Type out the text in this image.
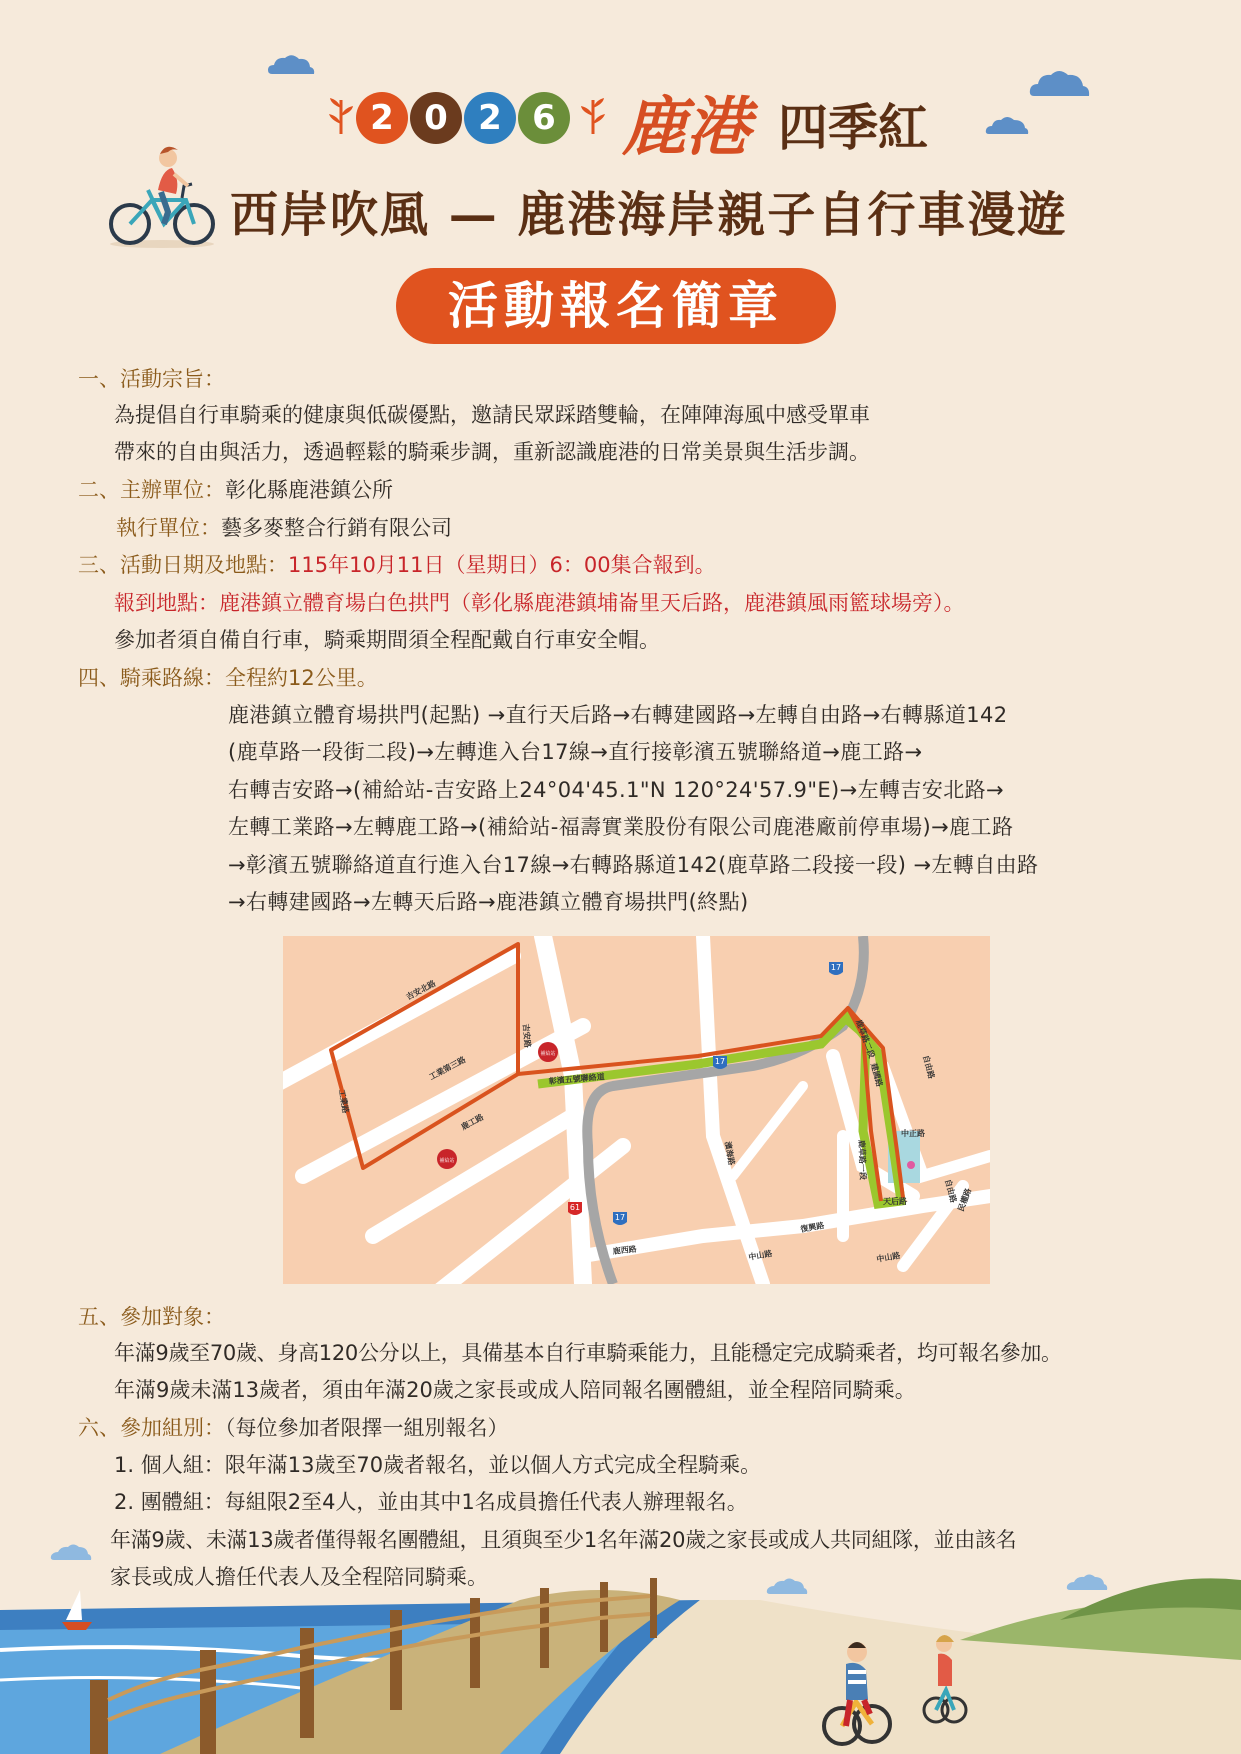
2 0 2 6 鹿港 四季紅
西岸吹風 — 鹿港海岸親子自行車漫遊
活動報名簡章
一、活動宗旨：
為提倡自行車騎乘的健康與低碳優點，邀請民眾踩踏雙輪，在陣陣海風中感受單車
帶來的自由與活力，透過輕鬆的騎乘步調，重新認識鹿港的日常美景與生活步調。
二、主辦單位：彰化縣鹿港鎮公所
執行單位：藝多麥整合行銷有限公司
三、活動日期及地點：115年10月11日（星期日）6：00集合報到。
報到地點：鹿港鎮立體育場白色拱門（彰化縣鹿港鎮埔崙里天后路，鹿港鎮風雨籃球場旁）。
參加者須自備自行車，騎乘期間須全程配戴自行車安全帽。
四、騎乘路線：全程約12公里。
鹿港鎮立體育場拱門(起點) →直行天后路→右轉建國路→左轉自由路→右轉縣道142
(鹿草路一段街二段)→左轉進入台17線→直行接彰濱五號聯絡道→鹿工路→
右轉吉安路→(補給站-吉安路上24°04'45.1"N 120°24'57.9"E)→左轉吉安北路→
左轉工業路→左轉鹿工路→(補給站-福壽實業股份有限公司鹿港廠前停車場)→鹿工路
→彰濱五號聯絡道直行進入台17線→右轉路縣道142(鹿草路二段接一段) →左轉自由路
→右轉建國路→左轉天后路→鹿港鎮立體育場拱門(終點)
17
17
17
61
補給站
補給站
吉安北路
工業第三路
工業路
鹿工路
吉安路
彰濱五號聯絡道
濱海路
鹿草路二段
鹿草路一段
自由路
自由路
中正路
建國路
天后路
鹿西路	中山路	中山路
復興路
民權路
五、參加對象：
年滿9歲至70歲、身高120公分以上，具備基本自行車騎乘能力，且能穩定完成騎乘者，均可報名參加。
年滿9歲未滿13歲者，須由年滿20歲之家長或成人陪同報名團體組，並全程陪同騎乘。
六、參加組別：（每位參加者限擇一組別報名）
1. 個人組：限年滿13歲至70歲者報名，並以個人方式完成全程騎乘。
2. 團體組：每組限2至4人，並由其中1名成員擔任代表人辦理報名。
年滿9歲、未滿13歲者僅得報名團體組，且須與至少1名年滿20歲之家長或成人共同組隊，並由該名
家長或成人擔任代表人及全程陪同騎乘。
